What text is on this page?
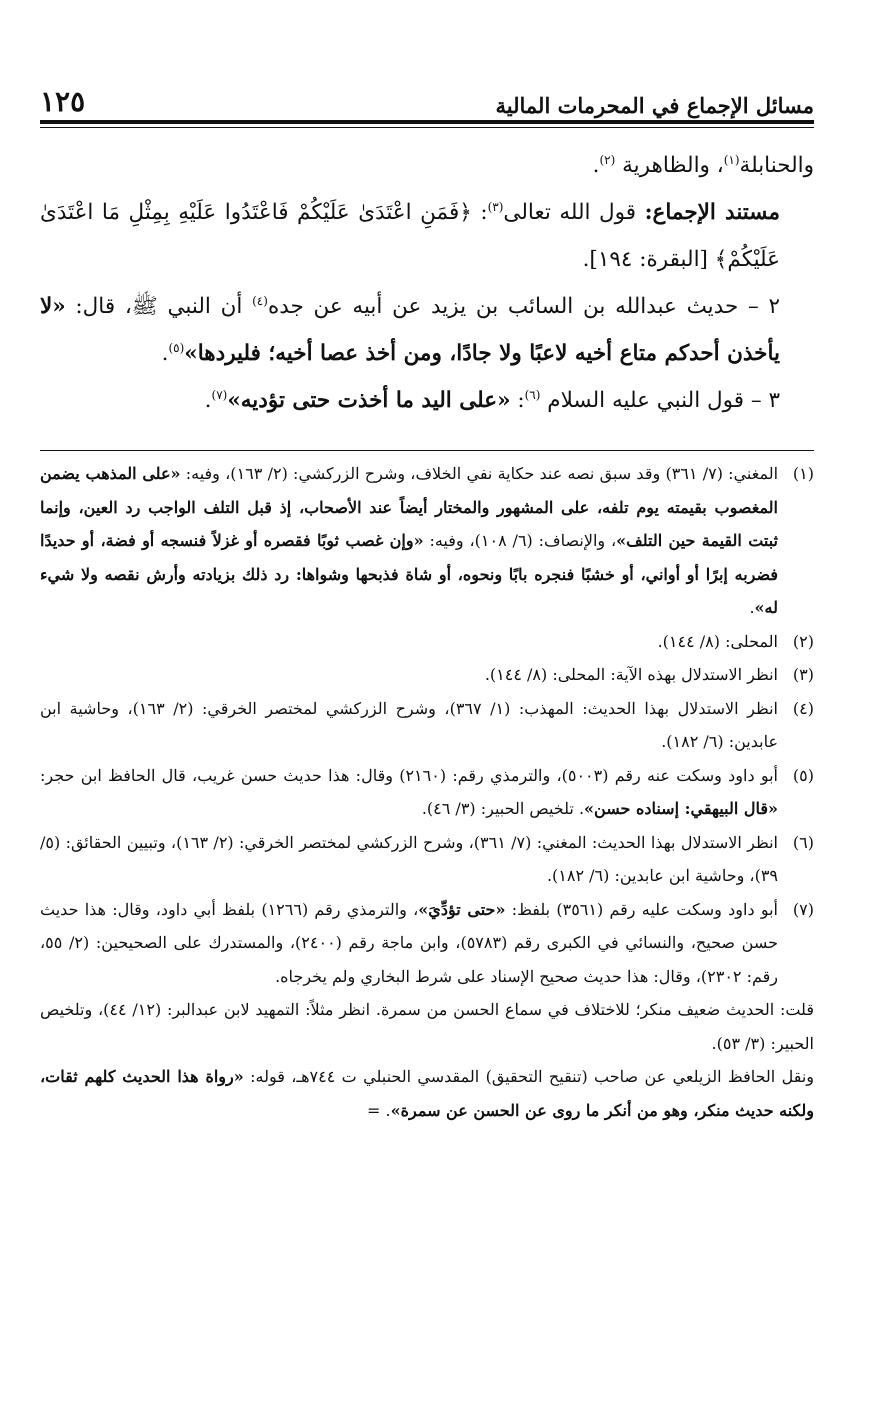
مسائل الإجماع في المحرمات المالية
١٢٥

والحنابلة$^{(١)}$، والظاهرية $^{(٢)}$.

مستند الإجماع: قول الله تعالى$^{(٣)}$: ﴿فَمَنِ اعْتَدَىٰ عَلَيْكُمْ فَاعْتَدُوا عَلَيْهِ بِمِثْلِ مَا اعْتَدَىٰ عَلَيْكُمْ﴾ [البقرة: ١٩٤].

٢ – حديث عبدالله بن السائب بن يزيد عن أبيه عن جده$^{(٤)}$ أن النبي ﷺ، قال: «لا يأخذن أحدكم متاع أخيه لاعبًا ولا جادًا، ومن أخذ عصا أخيه؛ فليردها»$^{(٥)}$.

٣ – قول النبي عليه السلام $^{(٦)}$: «على اليد ما أخذت حتى تؤديه»$^{(٧)}$.

(١)
المغني: (٧/ ٣٦١) وقد سبق نصه عند حكاية نفي الخلاف، وشرح الزركشي: (٢/ ١٦٣)، وفيه: «على المذهب يضمن المغصوب بقيمته يوم تلفه، على المشهور والمختار أيضاً عند الأصحاب، إذ قبل التلف الواجب رد العين، وإنما ثبتت القيمة حين التلف»، والإنصاف: (٦/ ١٠٨)، وفيه: «وإن غصب ثوبًا فقصره أو غزلاً فنسجه أو فضة، أو حديدًا فضربه إبرًا أو أواني، أو خشبًا فنجره بابًا ونحوه، أو شاة فذبحها وشواها: رد ذلك بزيادته وأرش نقصه ولا شيء له».
(٢)
المحلى: (٨/ ١٤٤).
(٣)
انظر الاستدلال بهذه الآية: المحلى: (٨/ ١٤٤).
(٤)
انظر الاستدلال بهذا الحديث: المهذب: (١/ ٣٦٧)، وشرح الزركشي لمختصر الخرقي: (٢/ ١٦٣)، وحاشية ابن عابدين: (٦/ ١٨٢).
(٥)
أبو داود وسكت عنه رقم (٥٠٠٣)، والترمذي رقم: (٢١٦٠) وقال: هذا حديث حسن غريب، قال الحافظ ابن حجر: «قال البيهقي: إسناده حسن». تلخيص الحبير: (٣/ ٤٦).
(٦)
انظر الاستدلال بهذا الحديث: المغني: (٧/ ٣٦١)، وشرح الزركشي لمختصر الخرقي: (٢/ ١٦٣)، وتبيين الحقائق: (٥/ ٣٩)، وحاشية ابن عابدين: (٦/ ١٨٢).
(٧)
أبو داود وسكت عليه رقم (٣٥٦١) بلفظ: «حتى تؤدِّيَ»، والترمذي رقم (١٢٦٦) بلفظ أبي داود، وقال: هذا حديث حسن صحيح، والنسائي في الكبرى رقم (٥٧٨٣)، وابن ماجة رقم (٢٤٠٠)، والمستدرك على الصحيحين: (٢/ ٥٥، رقم: ٢٣٠٢)، وقال: هذا حديث صحيح الإسناد على شرط البخاري ولم يخرجاه.

قلت: الحديث ضعيف منكر؛ للاختلاف في سماع الحسن من سمرة. انظر مثلاً: التمهيد لابن عبدالبر: (١٢/ ٤٤)، وتلخيص الحبير: (٣/ ٥٣).

ونقل الحافظ الزيلعي عن صاحب (تنقيح التحقيق) المقدسي الحنبلي ت ٧٤٤هـ، قوله: «رواة هذا الحديث كلهم ثقات، ولكنه حديث منكر، وهو من أنكر ما روى عن الحسن عن سمرة». =
